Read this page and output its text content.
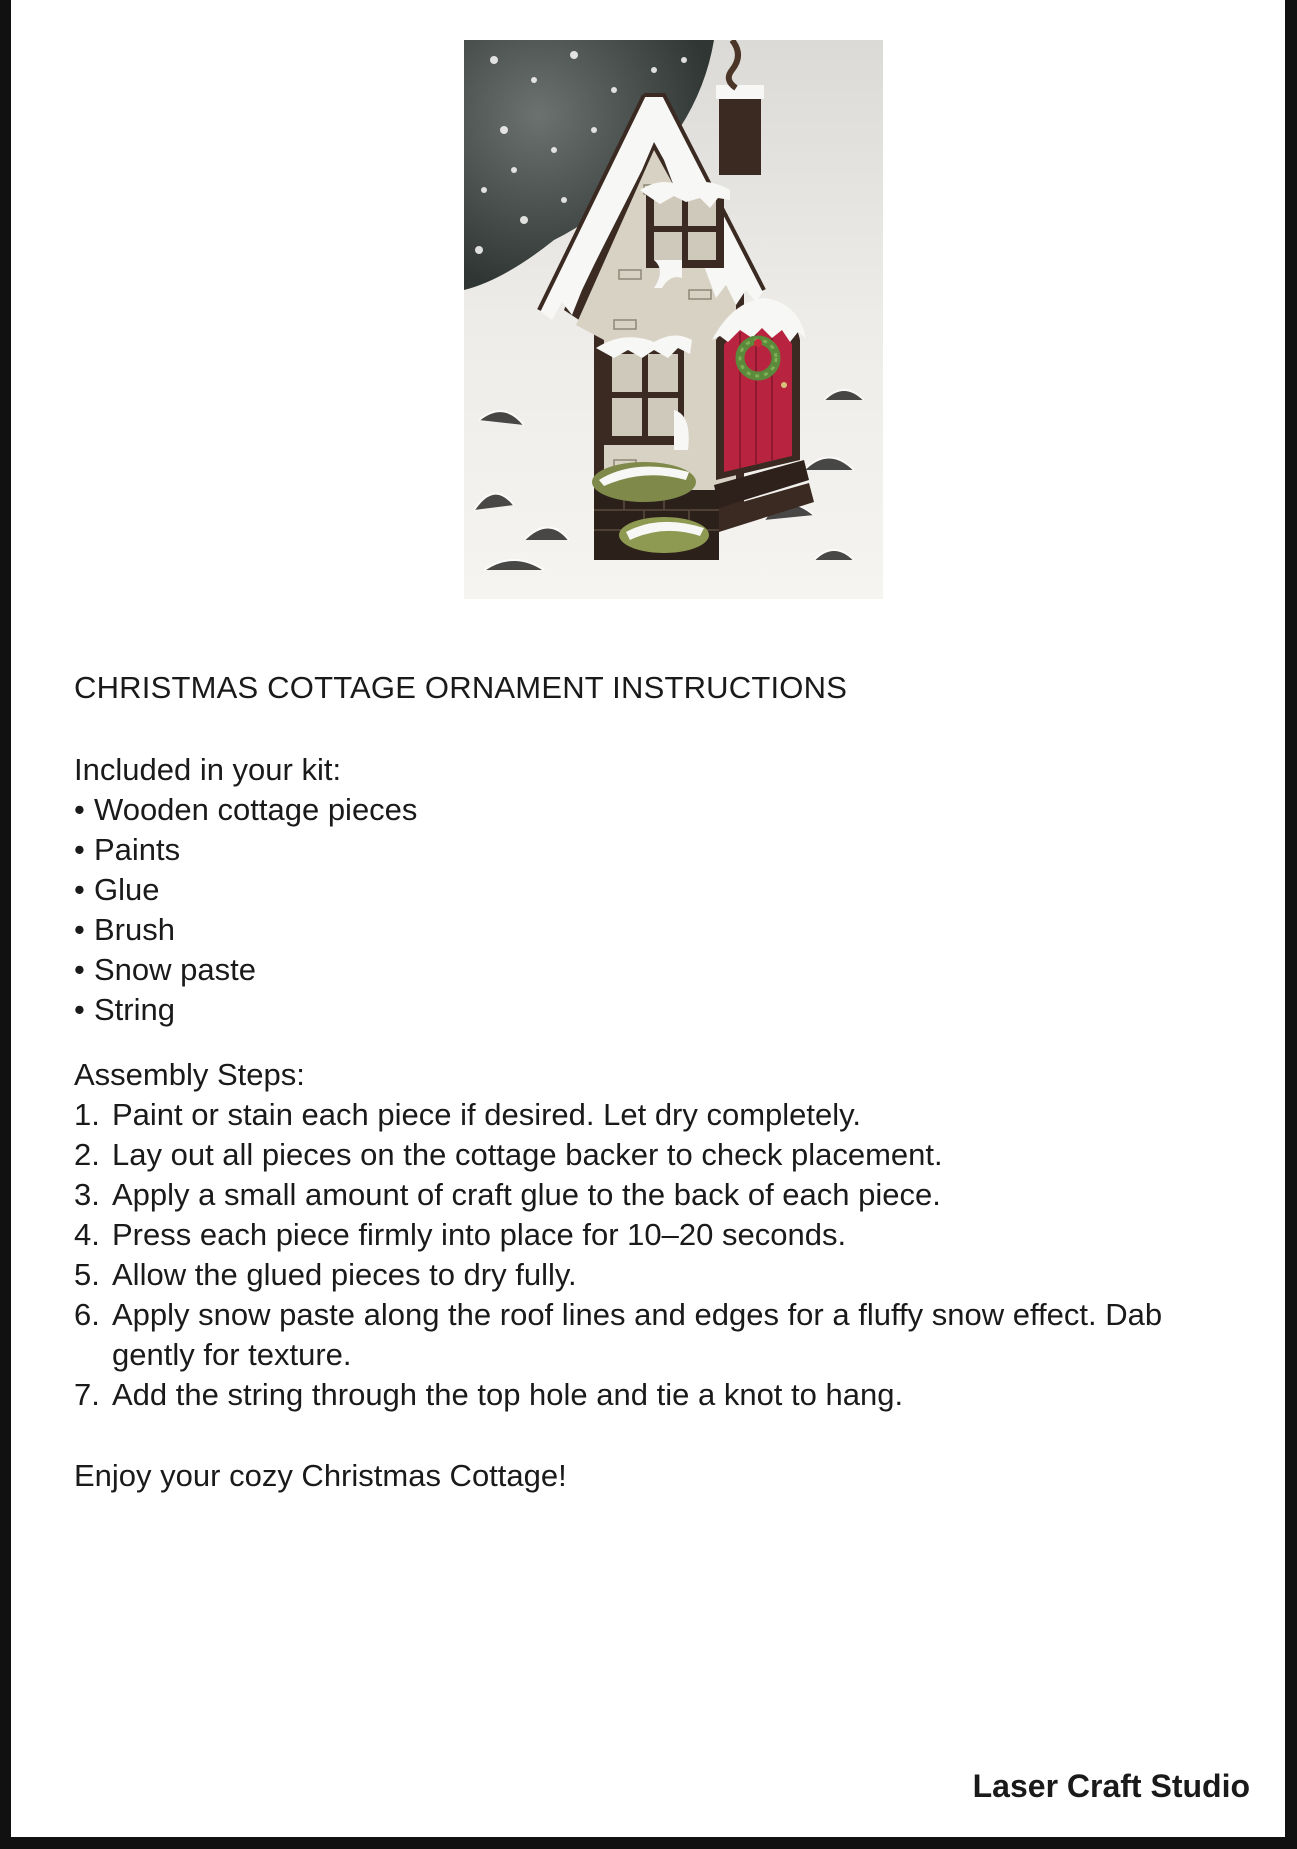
CHRISTMAS COTTAGE ORNAMENT INSTRUCTIONS
Included in your kit:
• Wooden cottage pieces
• Paints
• Glue
• Brush
• Snow paste
• String
Assembly Steps:
1. Paint or stain each piece if desired. Let dry completely.
2. Lay out all pieces on the cottage backer to check placement.
3. Apply a small amount of craft glue to the back of each piece.
4. Press each piece firmly into place for 10–20 seconds.
5. Allow the glued pieces to dry fully.
6. Apply snow paste along the roof lines and edges for a fluffy snow effect. Dab gently for texture.
7. Add the string through the top hole and tie a knot to hang.
Enjoy your cozy Christmas Cottage!
Laser Craft Studio
